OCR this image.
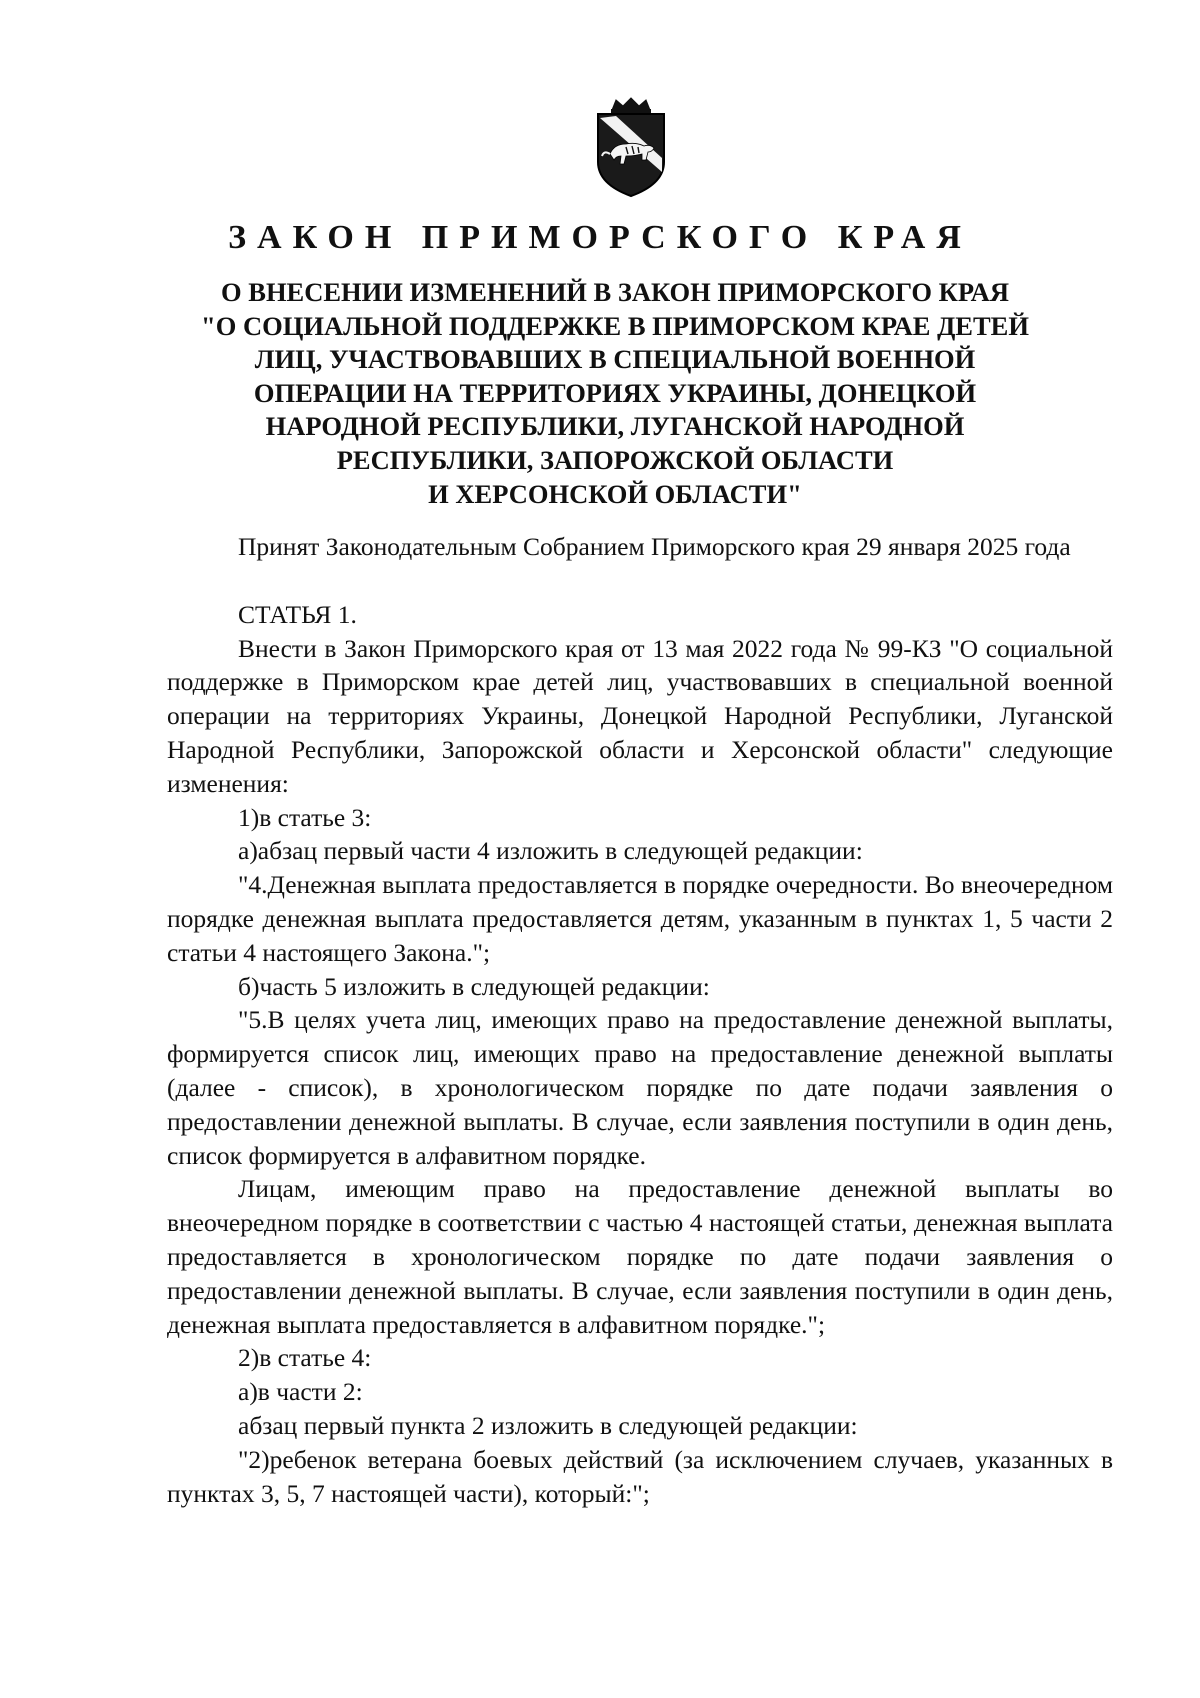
ЗАКОН ПРИМОРСКОГО КРАЯ
О ВНЕСЕНИИ ИЗМЕНЕНИЙ В ЗАКОН ПРИМОРСКОГО КРАЯ
"О СОЦИАЛЬНОЙ ПОДДЕРЖКЕ В ПРИМОРСКОМ КРАЕ ДЕТЕЙ
ЛИЦ, УЧАСТВОВАВШИХ В СПЕЦИАЛЬНОЙ ВОЕННОЙ
ОПЕРАЦИИ НА ТЕРРИТОРИЯХ УКРАИНЫ, ДОНЕЦКОЙ
НАРОДНОЙ РЕСПУБЛИКИ, ЛУГАНСКОЙ НАРОДНОЙ
РЕСПУБЛИКИ, ЗАПОРОЖСКОЙ ОБЛАСТИ
И ХЕРСОНСКОЙ ОБЛАСТИ"

Принят Законодательным Собранием Приморского края 29 января 2025 года

СТАТЬЯ 1.

Внести в Закон Приморского края от 13 мая 2022 года № 99-КЗ "О социальной поддержке в Приморском крае детей лиц, участвовавших в специальной военной операции на территориях Украины, Донецкой Народной Республики, Луганской Народной Республики, Запорожской области и Херсонской области" следующие изменения:

1)в статье 3:

а)абзац первый части 4 изложить в следующей редакции:

"4.Денежная выплата предоставляется в порядке очередности. Во внеочередном порядке денежная выплата предоставляется детям, указанным в пунктах 1, 5 части 2 статьи 4 настоящего Закона.";

б)часть 5 изложить в следующей редакции:

"5.В целях учета лиц, имеющих право на предоставление денежной выплаты, формируется список лиц, имеющих право на предоставление денежной выплаты (далее - список), в хронологическом порядке по дате подачи заявления о предоставлении денежной выплаты. В случае, если заявления поступили в один день, список формируется в алфавитном порядке.

Лицам, имеющим право на предоставление денежной выплаты во внеочередном порядке в соответствии с частью 4 настоящей статьи, денежная выплата предоставляется в хронологическом порядке по дате подачи заявления о предоставлении денежной выплаты. В случае, если заявления поступили в один день, денежная выплата предоставляется в алфавитном порядке.";

2)в статье 4:

а)в части 2:

абзац первый пункта 2 изложить в следующей редакции:

"2)ребенок ветерана боевых действий (за исключением случаев, указанных в пунктах 3, 5, 7 настоящей части), который:";
